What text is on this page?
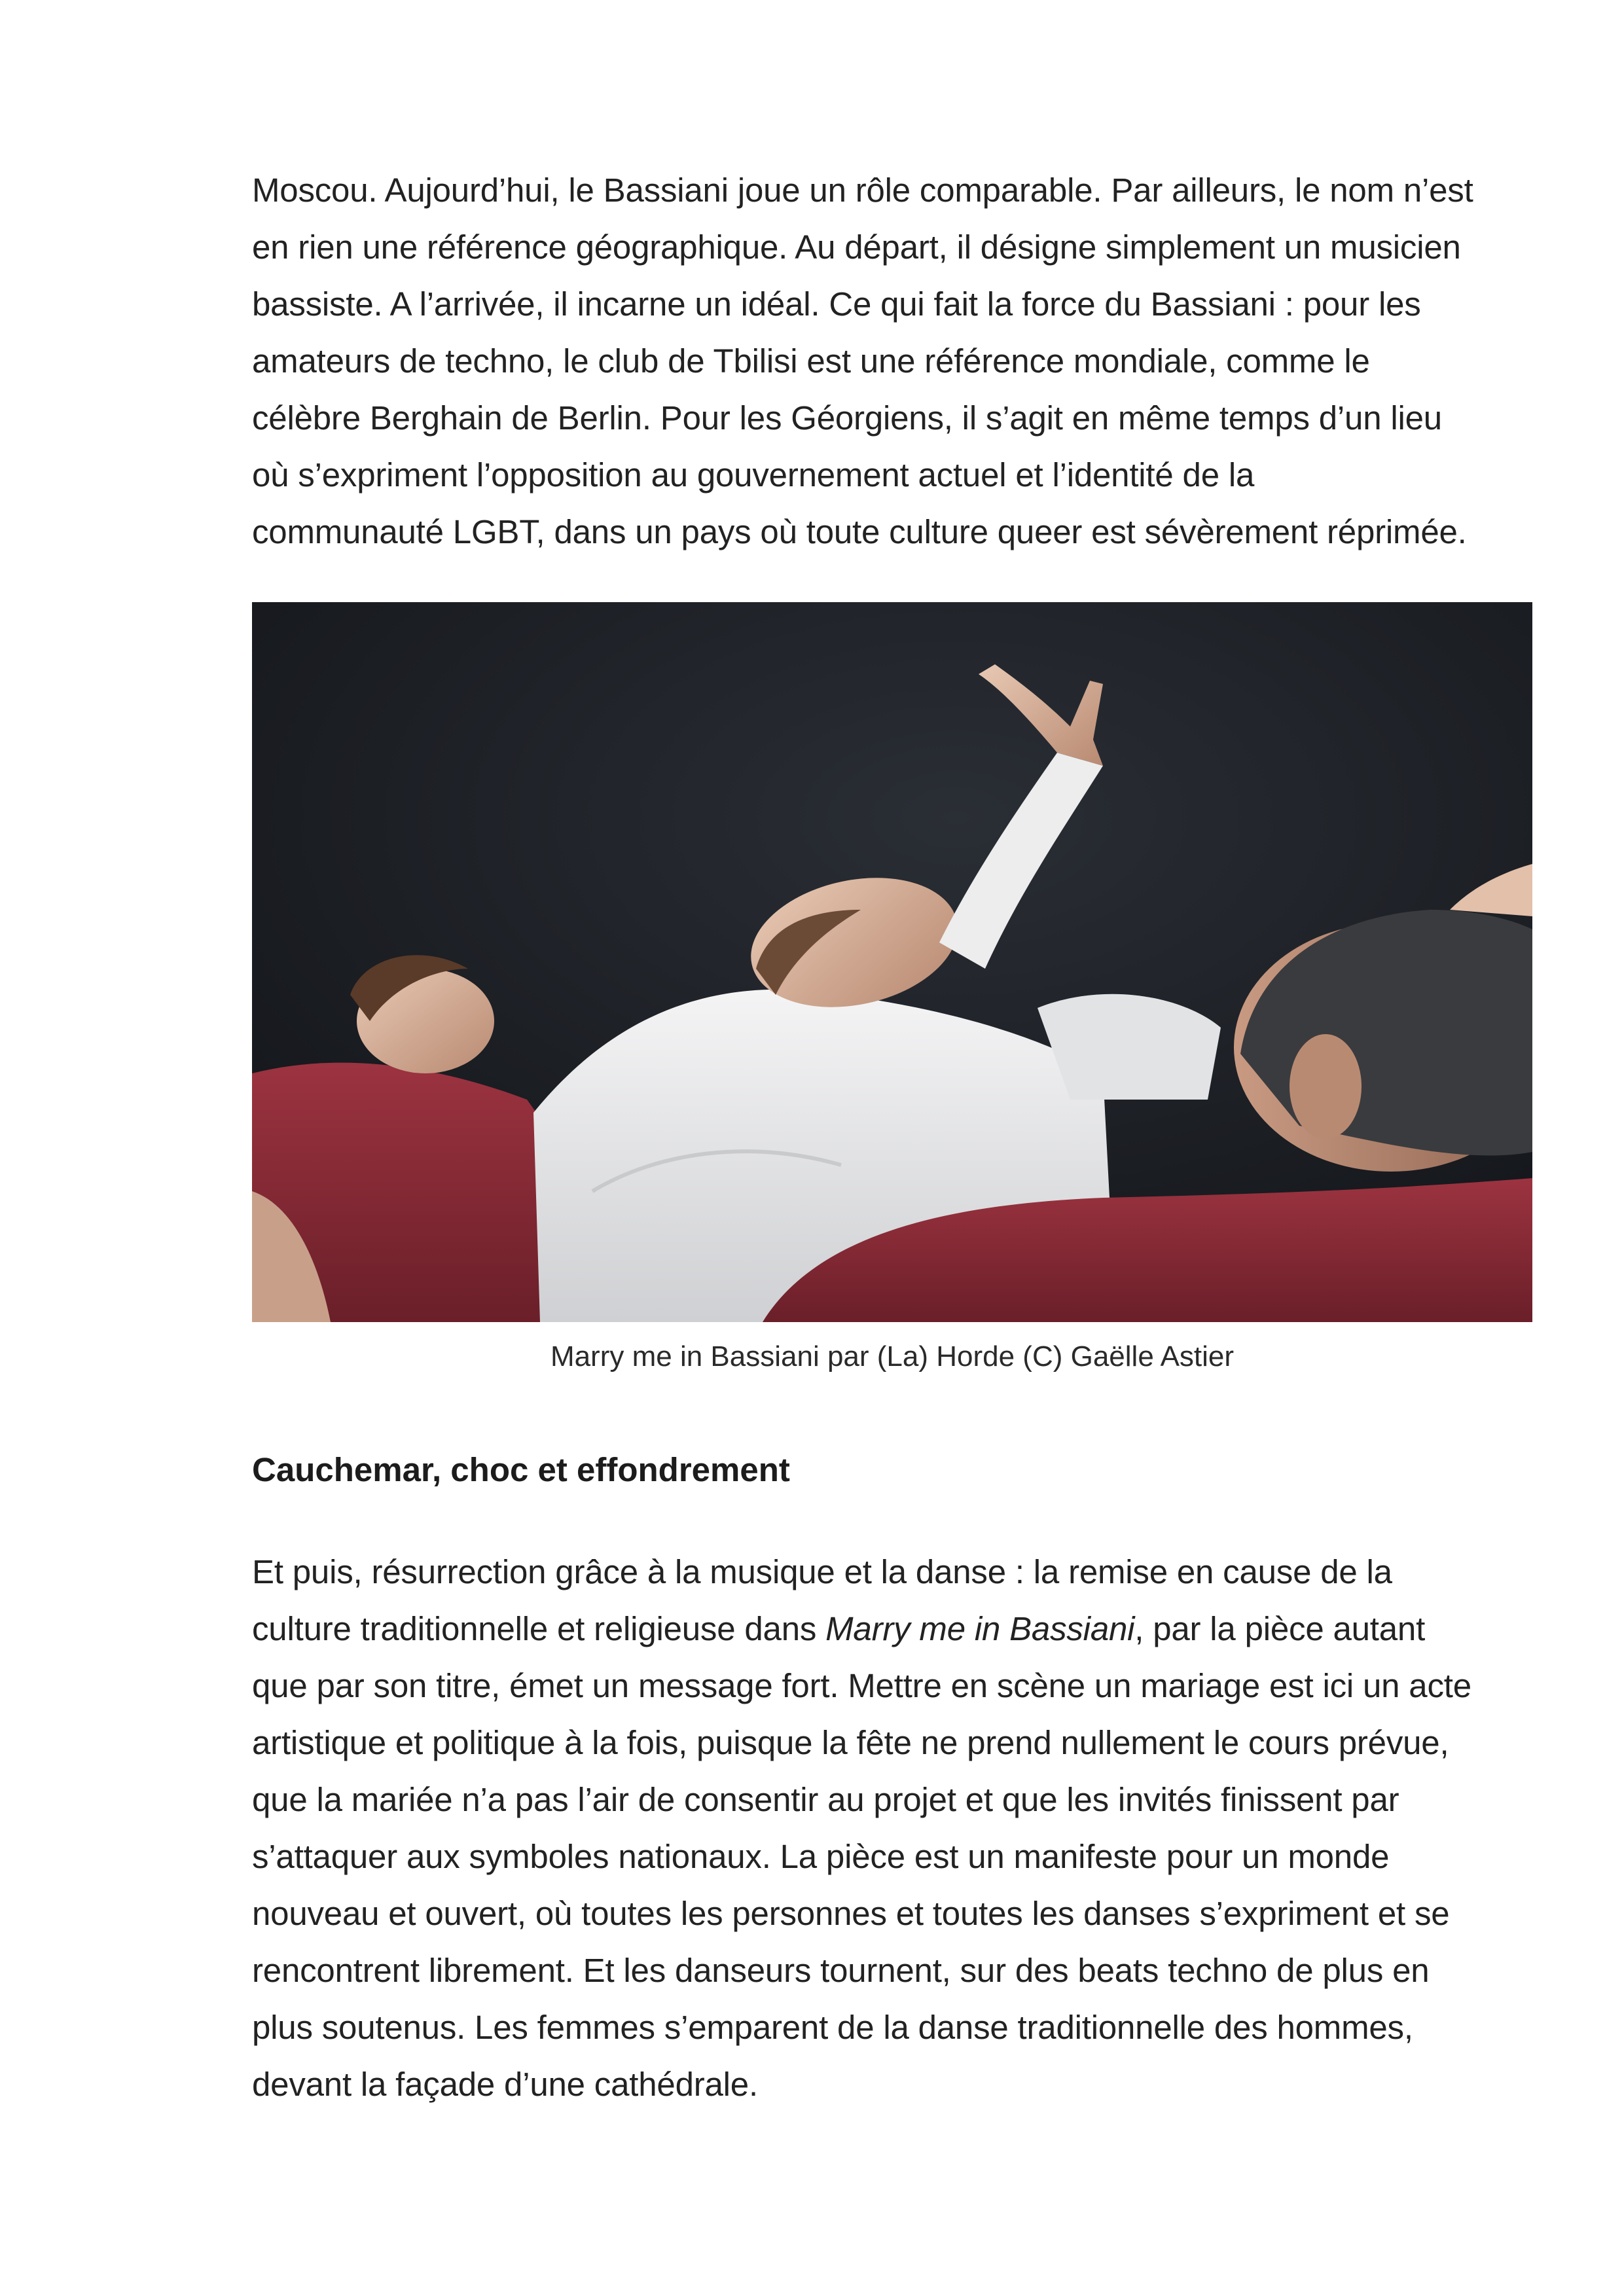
Moscou. Aujourd’hui, le Bassiani joue un rôle comparable. Par ailleurs, le nom n’est
en rien une référence géographique. Au départ, il désigne simplement un musicien
bassiste. A l’arrivée, il incarne un idéal. Ce qui fait la force du Bassiani : pour les
amateurs de techno, le club de Tbilisi est une référence mondiale, comme le
célèbre Berghain de Berlin. Pour les Géorgiens, il s’agit en même temps d’un lieu
où s’expriment l’opposition au gouvernement actuel et l’identité de la
communauté LGBT, dans un pays où toute culture queer est sévèrement réprimée.

Marry me in Bassiani par (La) Horde (C) Gaëlle Astier
Cauchemar, choc et effondrement

Et puis, résurrection grâce à la musique et la danse : la remise en cause de la
culture traditionnelle et religieuse dans Marry me in Bassiani, par la pièce autant
que par son titre, émet un message fort. Mettre en scène un mariage est ici un acte
artistique et politique à la fois, puisque la fête ne prend nullement le cours prévue,
que la mariée n’a pas l’air de consentir au projet et que les invités finissent par
s’attaquer aux symboles nationaux. La pièce est un manifeste pour un monde
nouveau et ouvert, où toutes les personnes et toutes les danses s’expriment et se
rencontrent librement. Et les danseurs tournent, sur des beats techno de plus en
plus soutenus. Les femmes s’emparent de la danse traditionnelle des hommes,
devant la façade d’une cathédrale.
